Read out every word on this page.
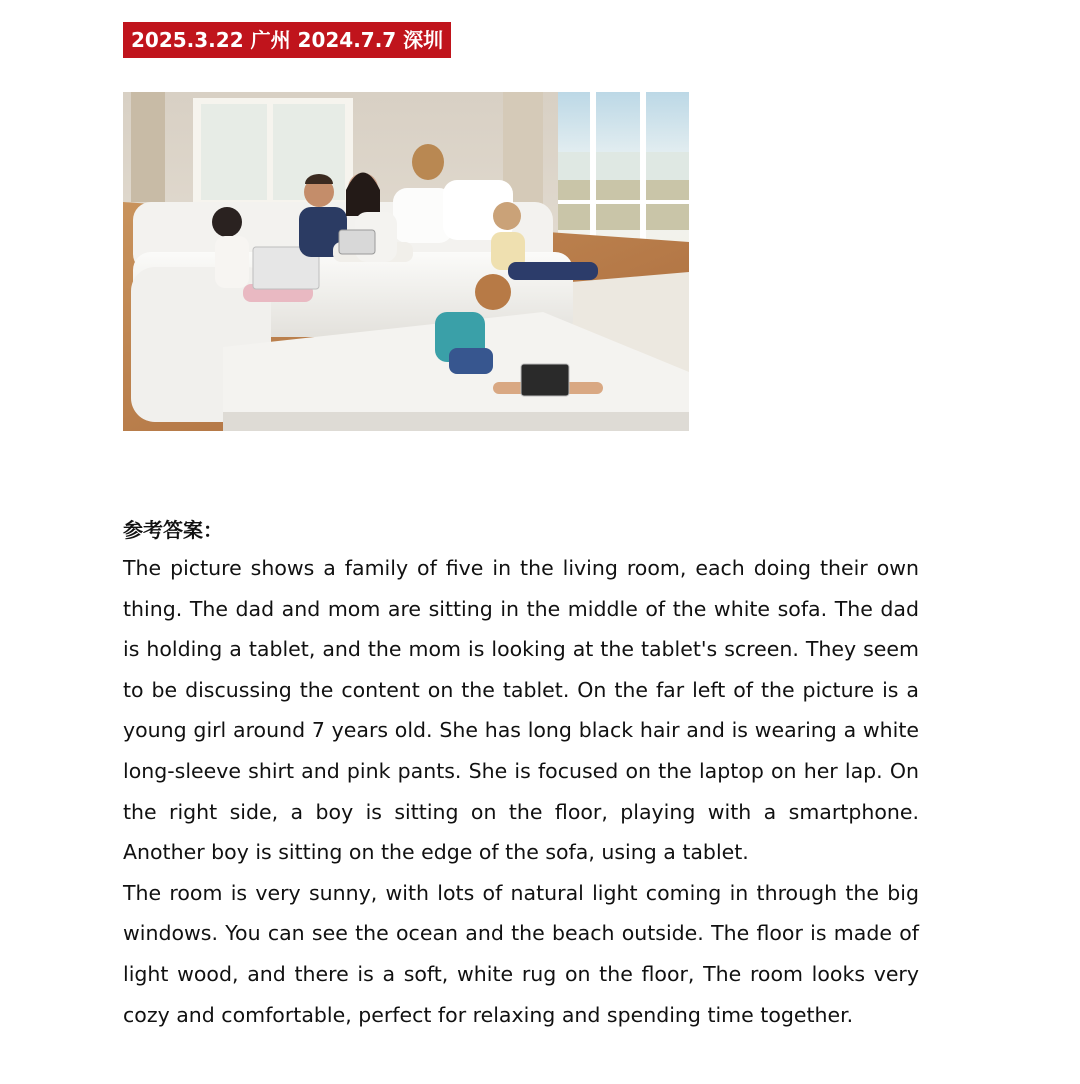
2025.3.22 广州 2024.7.7 深圳
参考答案：

The picture shows a family of five in the living room, each doing their own thing. The dad and mom are sitting in the middle of the white sofa. The dad is holding a tablet, and the mom is looking at the tablet's screen. They seem to be discussing the content on the tablet. On the far left of the picture is a young girl around 7 years old. She has long black hair and is wearing a white long-sleeve shirt and pink pants. She is focused on the laptop on her lap. On the right side, a boy is sitting on the floor, playing with a smartphone. Another boy is sitting on the edge of the sofa, using a tablet.

The room is very sunny, with lots of natural light coming in through the big windows. You can see the ocean and the beach outside. The floor is made of light wood, and there is a soft, white rug on the floor, The room looks very cozy and comfortable, perfect for relaxing and spending time together.
